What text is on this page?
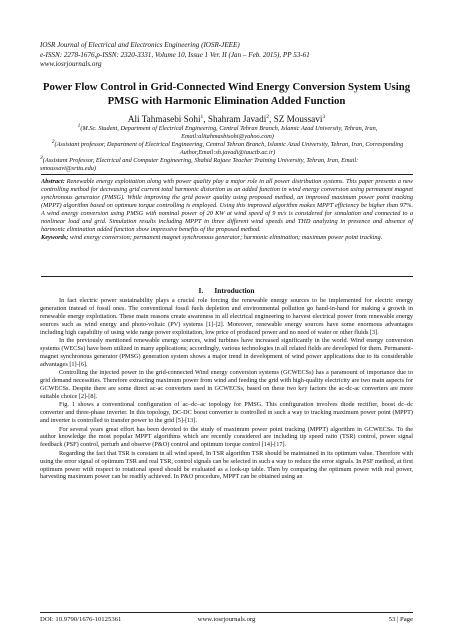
IOSR Journal of Electrical and Electronics Engineering (IOSR-JEEE)
e-ISSN: 2278-1676,p-ISSN: 2320-3331, Volume 10, Issue 1 Ver. II (Jan – Feb. 2015), PP 53-61
www.iosrjournals.org
Power Flow Control in Grid-Connected Wind Energy Conversion System Using PMSG with Harmonic Elimination Added Function
Ali Tahmasebi Sohi$^1$, Shahram Javadi$^2$, SZ Moussavi$^3$

$^1$(M.Sc. Student, Department of Electrical Engineering, Central Tehran Branch, Islamic Azad University, Tehran, Iran, Email:alitahmasbisohi@yahoo.com)

$^2$(Assistant professor, Department of Electrical Engineering, Central Tehran Branch, Islamic Azad University, Tehran, Iran, Corresponding Author,Email:sh.javadi@iauctb.ac.ir)

$^3$(Assistant Professor, Electrical and Computer Engineering, Shahid Rajaee Teacher Training University, Tehran, Iran, Email: smoussavi@srttu.edu)

Abstract: Renewable energy exploitation along with power quality play a major role in all power distribution systems. This paper presents a new controlling method for decreasing grid current total harmonic distortion as an added function in wind energy conversion using permanent magnet synchronous generator (PMSG). While improving the grid power quality using proposed method, an improved maximum power point tracking (MPPT) algorithm based on optimum torque controlling is employed. Using this improved algorithm makes MPPT efficiency be higher than 97%. A wind energy conversion using PMSG with nominal power of 20 KW at wind speed of 9 m/s is considered for simulation and connected to a nonlinear load and grid. Simulation results including MPPT in three different wind speeds and THD analyzing in presence and absence of harmonic elimination added function show impressive benefits of the proposed method.

Keywords; wind energy conversion; permanent magnet synchronous generator; harmonic elimination; maximum power point tracking.

I. Introduction

In fact electric power sustainability plays a crucial role forcing the renewable energy sources to be implemented for electric energy generation instead of fossil ones. The conventional fossil fuels depletion and environmental pollution go hand-in-hand for making a growth in renewable energy exploitation. These main reasons create awareness in all electrical engineering to harvest electrical power from renewable energy sources such as wind energy and photo-voltaic (PV) systems [1]-[2]. Moreover, renewable energy sources have some enormous advantages including high capability of using wide range power exploitation, low price of produced power and no need of water or other fluids [3].

In the previously mentioned renewable energy sources, wind turbines have increased significantly in the world. Wind energy conversion systems (WECSs) have been utilized in many applications; accordingly, various technologies in all related fields are developed for them. Permanent-magnet synchronous generator (PMSG) generation system shows a major trend in development of wind power applications due to its considerable advantages [1]-[6].

Controlling the injected power in the grid-connected Wind energy conversion systems (GCWECSs) has a paramount of importance due to grid demand necessities. Therefore extracting maximum power from wind and feeding the grid with high-quality electricity are two main aspects for GCWECSs. Despite there are some direct ac-ac converters used in GCWECSs, based on these two key factors the ac-dc-ac converters are more suitable choice [2]-[8].

Fig. 1 shows a conventional configuration of ac–dc–ac topology for PMSG. This configuration involves diode rectifier, boost dc–dc converter and three-phase inverter. In this topology, DC-DC boost converter is controlled in such a way to tracking maximum power point (MPPT) and inverter is controlled to transfer power to the grid [5]-[13].

For several years great effort has been devoted to the study of maximum power point tracking (MPPT) algorithm in GCWECSs. To the author knowledge the most popular MPPT algorithms which are recently considered are including tip speed ratio (TSR) control, power signal feedback (PSF) control, perturb and observe (P&O) control and optimum torque control [14]-[17].

Regarding the fact that TSR is constant in all wind speed, In TSR algorithm TSR should be maintained in its optimum value. Therefore with using the error signal of optimum TSR and real TSR, control signals can be selected in such a way to reduce the error signals. In PSF method, at first optimum power with respect to rotational speed should be evaluated as a look-up table. Then by comparing the optimum power with real power, harvesting maximum power can be readily achieved. In P&O procedure, MPPT can be obtained using an

DOI: 10.9790/1676-10125361	www.iosrjournals.org	53 | Page
